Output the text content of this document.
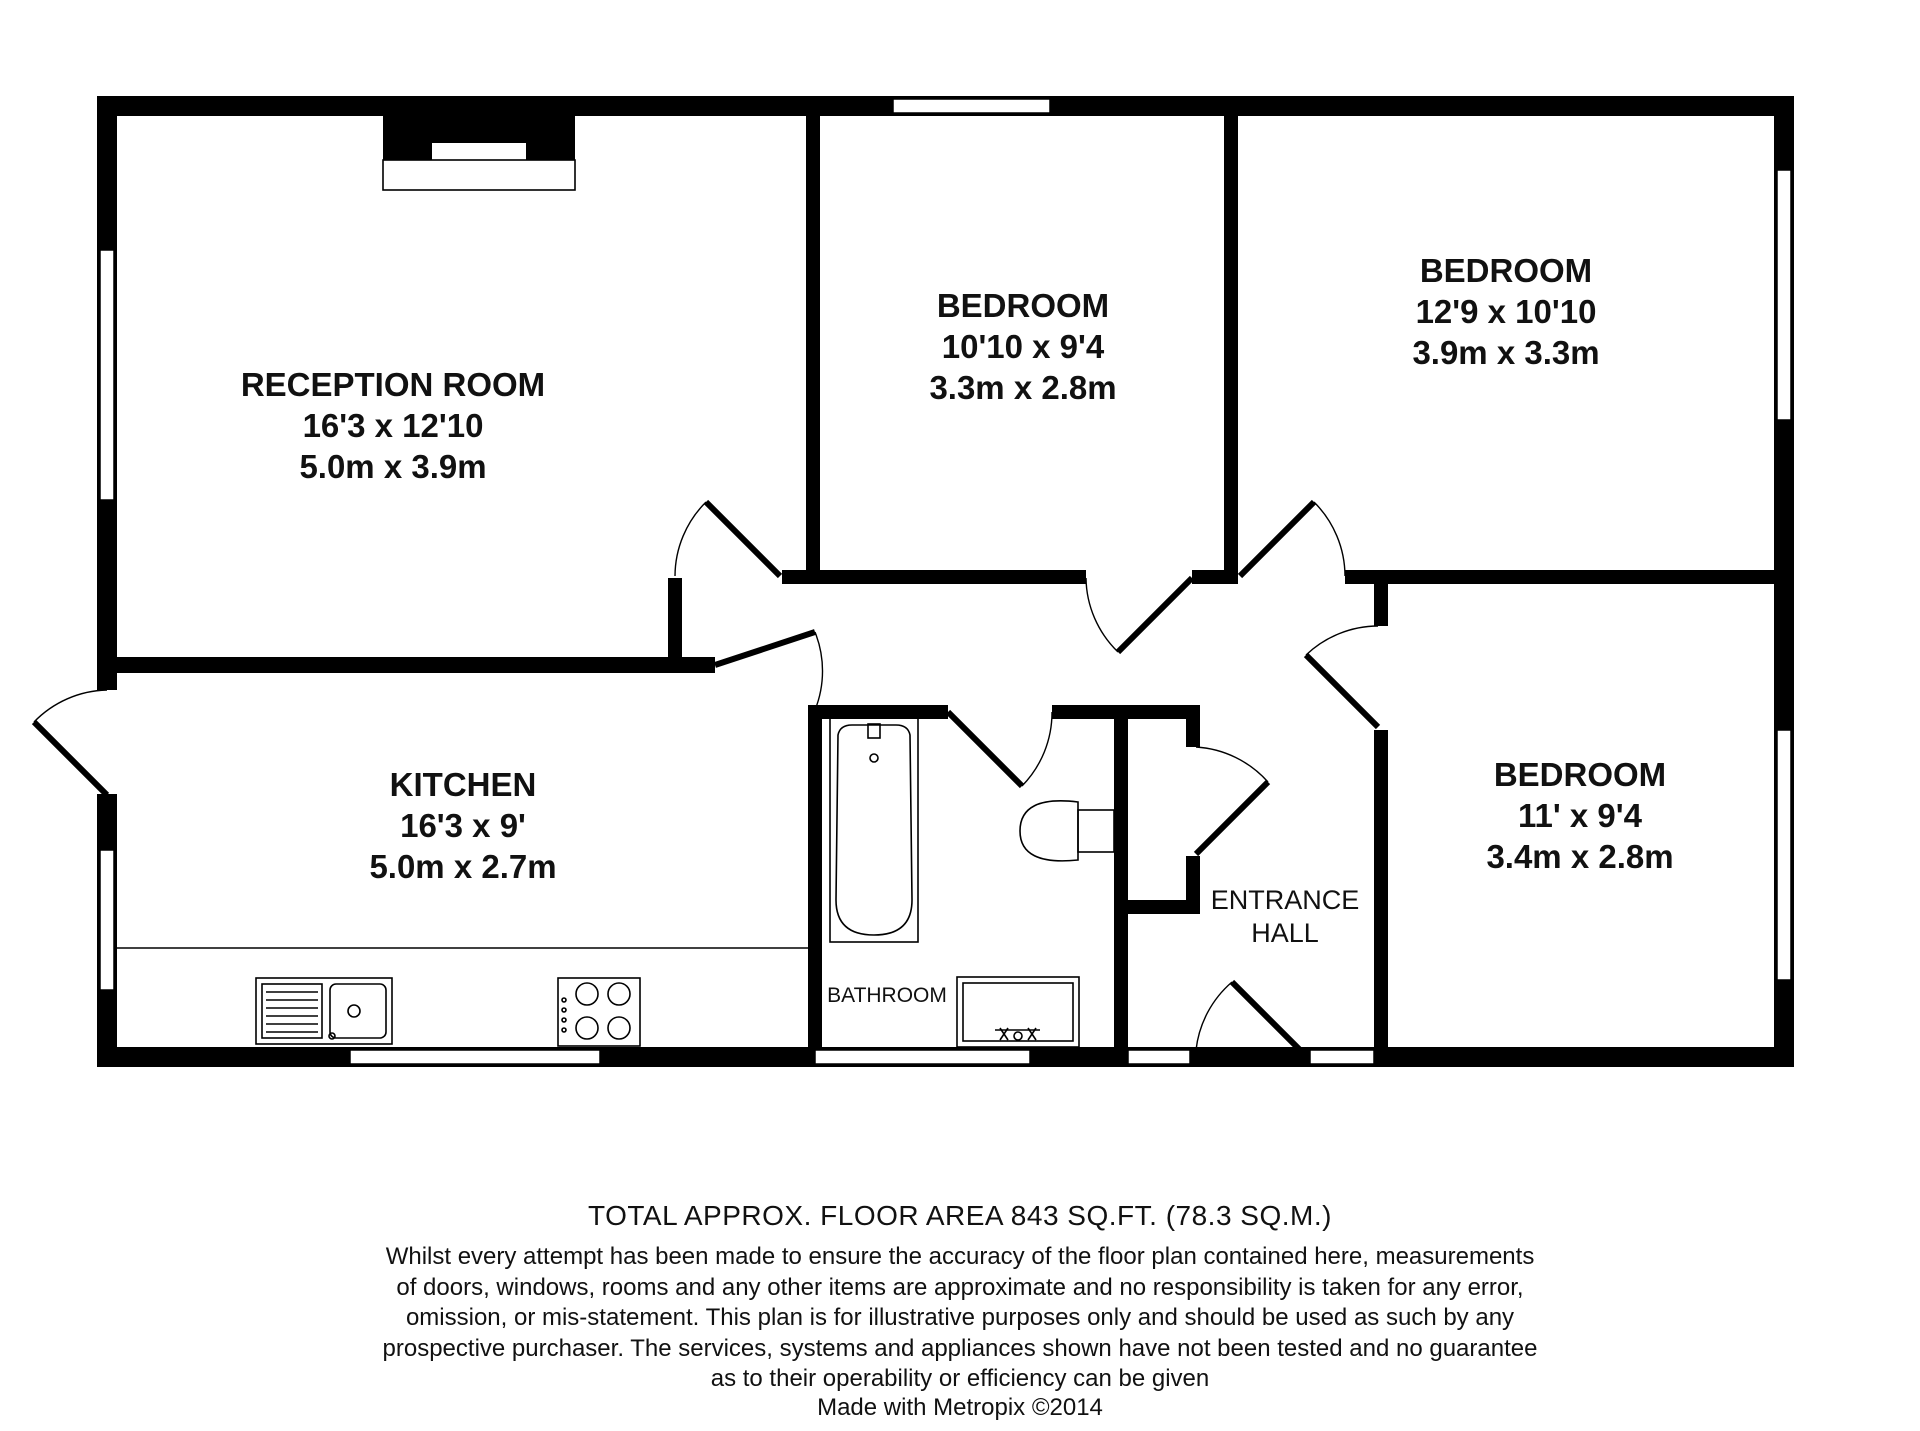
RECEPTION ROOM
16'3 x 12'10
5.0m x 3.9m
BEDROOM
10'10 x 9'4
3.3m x 2.8m
BEDROOM
12'9 x 10'10
3.9m x 3.3m
BEDROOM
11' x 9'4
3.4m x 2.8m
KITCHEN
16'3 x 9'
5.0m x 2.7m
BATHROOM
ENTRANCE
HALL
TOTAL APPROX. FLOOR AREA 843 SQ.FT. (78.3 SQ.M.)
Whilst every attempt has been made to ensure the accuracy of the floor plan contained here, measurements
of doors, windows, rooms and any other items are approximate and no responsibility is taken for any error,
omission, or mis-statement. This plan is for illustrative purposes only and should be used as such by any
prospective purchaser. The services, systems and appliances shown have not been tested and no guarantee
as to their operability or efficiency can be given
Made with Metropix ©2014
